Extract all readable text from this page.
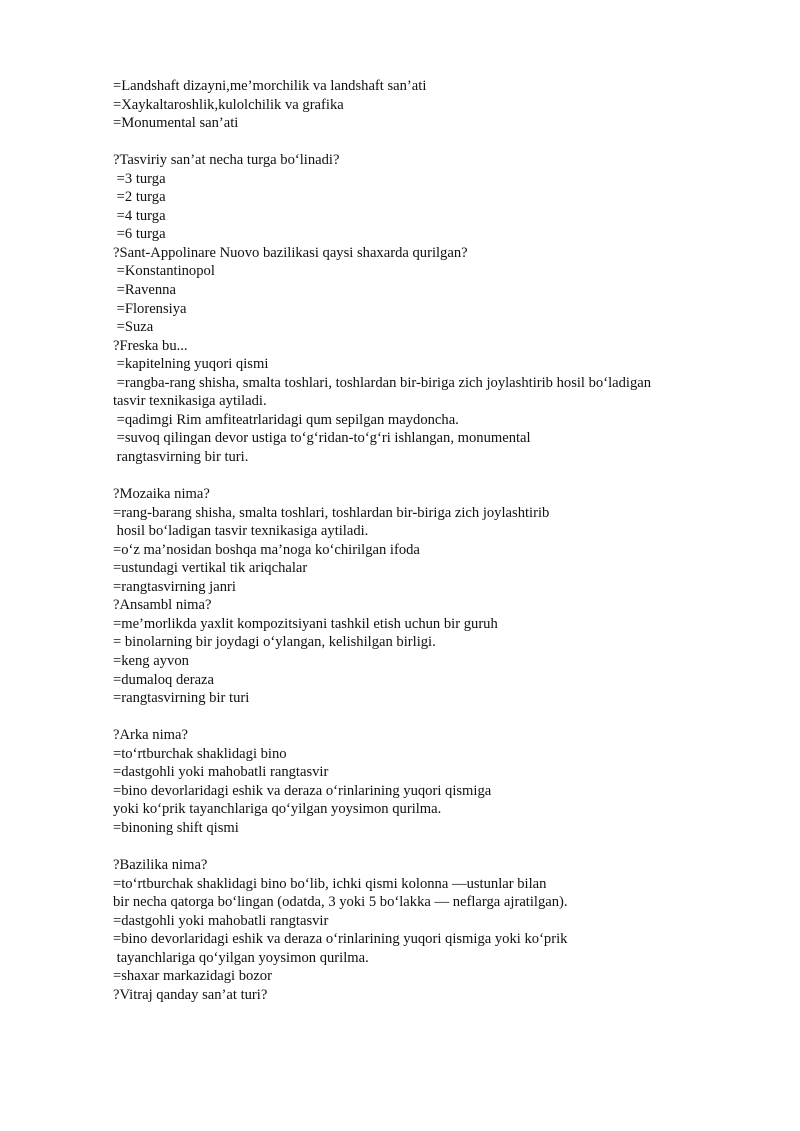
=Landshaft dizayni,me’morchilik va landshaft san’ati
=Xaykaltaroshlik,kulolchilik va grafika
=Monumental san’ati
?Tasviriy san’at necha turga bo‘linadi?
=3 turga
=2 turga
=4 turga
=6 turga
?Sant-Appolinare Nuovo bazilikasi qaysi shaxarda qurilgan?
=Konstantinopol
=Ravenna
=Florensiya
=Suza
?Freska bu...
=kapitelning yuqori qismi
=rangba-rang shisha, smalta toshlari, toshlardan bir-biriga zich joylashtirib hosil bo‘ladigan
tasvir texnikasiga aytiladi.
=qadimgi Rim amfiteatrlaridagi qum sepilgan maydoncha.
=suvoq qilingan devor ustiga to‘g‘ridan-to‘g‘ri ishlangan, monumental
rangtasvirning bir turi.
?Mozaika nima?
=rang-barang shisha, smalta toshlari, toshlardan bir-biriga zich joylashtirib
hosil bo‘ladigan tasvir texnikasiga aytiladi.
=o‘z ma’nosidan boshqa ma’noga ko‘chirilgan ifoda
=ustundagi vertikal tik ariqchalar
=rangtasvirning janri
?Ansambl nima?
=me’morlikda yaxlit kompozitsiyani tashkil etish uchun bir guruh
= binolarning bir joydagi o‘ylangan, kelishilgan birligi.
=keng ayvon
=dumaloq deraza
=rangtasvirning bir turi
?Arka nima?
=to‘rtburchak shaklidagi bino
=dastgohli yoki mahobatli rangtasvir
=bino devorlaridagi eshik va deraza o‘rinlarining yuqori qismiga
yoki ko‘prik tayanchlariga qo‘yilgan yoysimon qurilma.
=binoning shift qismi
?Bazilika nima?
=to‘rtburchak shaklidagi bino bo‘lib, ichki qismi kolonna —ustunlar bilan
bir necha qatorga bo‘lingan (odatda, 3 yoki 5 bo‘lakka — neflarga ajratilgan).
=dastgohli yoki mahobatli rangtasvir
=bino devorlaridagi eshik va deraza o‘rinlarining yuqori qismiga yoki ko‘prik
tayanchlariga qo‘yilgan yoysimon qurilma.
=shaxar markazidagi bozor
?Vitraj qanday san’at turi?
